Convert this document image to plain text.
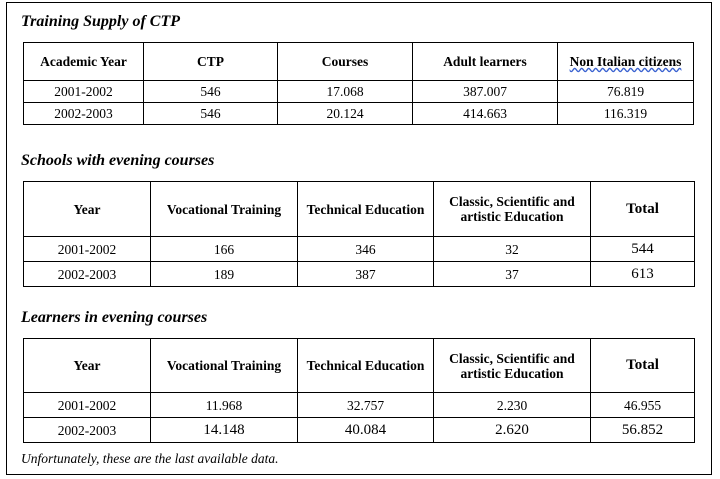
Training Supply of CTP
Academic Year	CTP	Courses	Adult learners	Non Italian citizens
2001-2002	546	17.068	387.007	76.819
2002-2003	546	20.124	414.663	116.319
Schools with evening courses
Year	Vocational Training	Technical Education	Classic, Scientific and artistic Education	Total
2001-2002	166	346	32	544
2002-2003	189	387	37	613
Learners in evening courses
Year	Vocational Training	Technical Education	Classic, Scientific and artistic Education	Total
2001-2002	11.968	32.757	2.230	46.955
2002-2003	14.148	40.084	2.620	56.852
Unfortunately, these are the last available data.
